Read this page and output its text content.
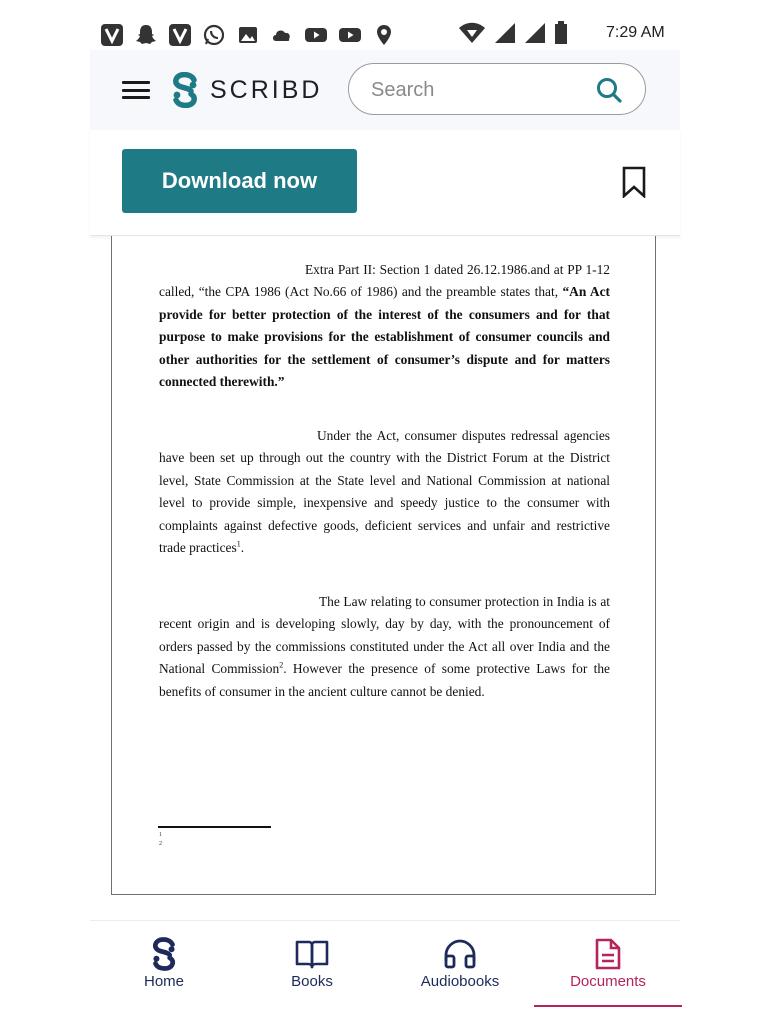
7:29 AM
SCRIBD
Search
Download now
Extra Part II: Section 1 dated 26.12.1986.and at PP 1-12 called, “the CPA 1986 (Act No.66 of 1986) and the preamble states that, “An Act provide for better protection of the interest of the consumers and for that purpose to make provisions for the establishment of consumer councils and other authorities for the settlement of consumer’s dispute and for matters connected therewith.”
Under the Act, consumer disputes redressal agencies have been set up through out the country with the District Forum at the District level, State Commission at the State level and National Commission at national level to provide simple, inexpensive and speedy justice to the consumer with complaints against defective goods, deficient services and unfair and restrictive trade practices$^1$.
The Law relating to consumer protection in India is at recent origin and is developing slowly, day by day, with the pronouncement of orders passed by the commissions constituted under the Act all over India and the National Commission$^2$. However the presence of some protective Laws for the benefits of consumer in the ancient culture cannot be denied.
1
2
Home	Books	Audiobooks	Documents
